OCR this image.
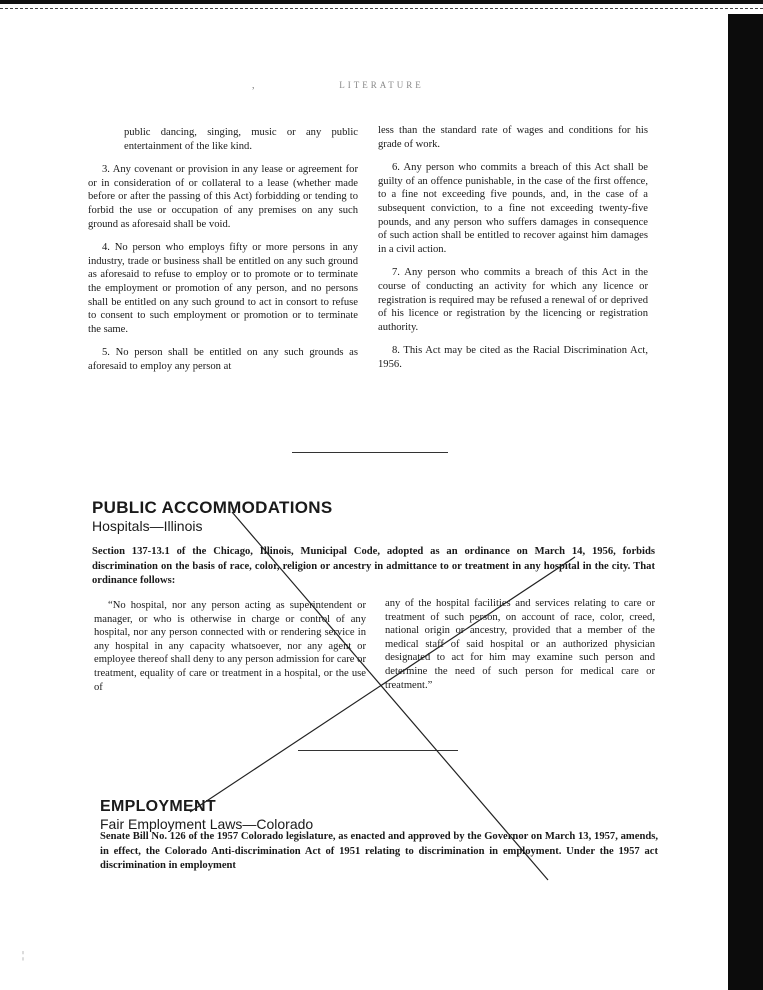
LITERATURE

public dancing, singing, music or any public entertainment of the like kind.

3. Any covenant or provision in any lease or agreement for or in consideration of or collateral to a lease (whether made before or after the passing of this Act) forbidding or tending to forbid the use or occupation of any premises on any such ground as aforesaid shall be void.

4. No person who employs fifty or more persons in any industry, trade or business shall be entitled on any such ground as aforesaid to refuse to employ or to promote or to terminate the employment or promotion of any person, and no persons shall be entitled on any such ground to act in consort to refuse to consent to such employment or promotion or to terminate the same.

5. No person shall be entitled on any such grounds as aforesaid to employ any person at

less than the standard rate of wages and conditions for his grade of work.

6. Any person who commits a breach of this Act shall be guilty of an offence punishable, in the case of the first offence, to a fine not exceeding five pounds, and, in the case of a subsequent conviction, to a fine not exceeding twenty-five pounds, and any person who suffers damages in consequence of such action shall be entitled to recover against him damages in a civil action.

7. Any person who commits a breach of this Act in the course of conducting an activity for which any licence or registration is required may be refused a renewal of or deprived of his licence or registration by the licencing or registration authority.

8. This Act may be cited as the Racial Discrimination Act, 1956.

PUBLIC ACCOMMODATIONS
Hospitals—Illinois
Section 137-13.1 of the Chicago, Illinois, Municipal Code, adopted as an ordinance on March 14, 1956, forbids discrimination on the basis of race, color, religion or ancestry in admittance to or treatment in any hospital in the city. That ordinance follows:

“No hospital, nor any person acting as superintendent or manager, or who is otherwise in charge or control of any hospital, nor any person connected with or rendering service in any hospital in any capacity whatsoever, nor any agent or employee thereof shall deny to any person admission for care or treatment, equality of care or treatment in a hospital, or the use of

any of the hospital facilities and services relating to care or treatment of such person, on account of race, color, creed, national origin or ancestry, provided that a member of the medical staff of said hospital or an authorized physician designated to act for him may examine such person and determine the need of such person for medical care or treatment.”

EMPLOYMENT
Fair Employment Laws—Colorado
Senate Bill No. 126 of the 1957 Colorado legislature, as enacted and approved by the Governor on March 13, 1957, amends, in effect, the Colorado Anti-discrimination Act of 1951 relating to discrimination in employment. Under the 1957 act discrimination in employment
,
¦
